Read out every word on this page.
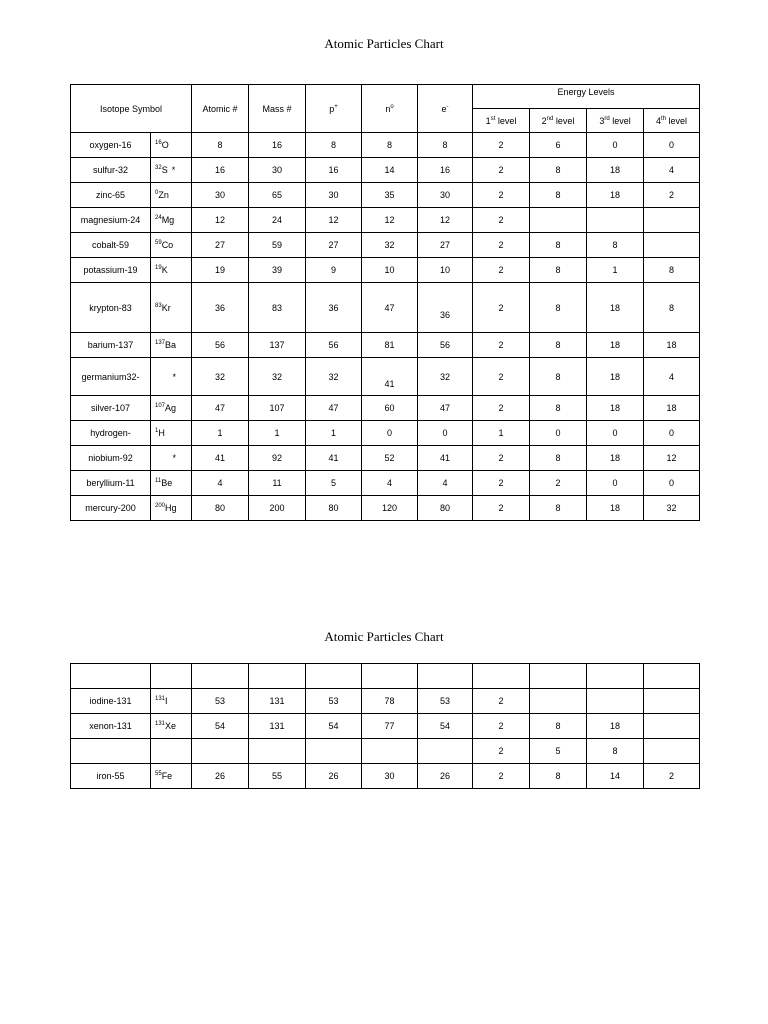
Atomic Particles Chart
Isotope Symbol		Atomic #	Mass #	p+	$n^o$	e-	Energy Levels			
							1st level	2nd level	3rd level	4th level
oxygen-16	$^{16}$O	8	16	8	8	8	2	6	0	0
sulfur-32	$^{32}$S *	16	30	16	14	16	2	8	18	4
zinc-65	$^0$Zn	30	65	30	35	30	2	8	18	2
magnesium-24	$^{24}$Mg	12	24	12	12	12	2			
cobalt-59	$^{59}$Co	27	59	27	32	27	2	8	8	
potassium-19	$^{19}$K	19	39	9	10	10	2	8	1	8
krypton-83	$^{83}$Kr	36	83	36	47	36	2	8	18	8
barium-137	$^{137}$Ba	56	137	56	81	56	2	8	18	18
germanium32-	*	32	32	32	41	32	2	8	18	4
silver-107	$^{107}$Ag	47	107	47	60	47	2	8	18	18
hydrogen-	$^1$H	1	1	1	0	0	1	0	0	0
niobium-92	*	41	92	41	52	41	2	8	18	12
beryllium-11	$^{11}$Be	4	11	5	4	4	2	2	0	0
mercury-200	$^{200}$Hg	80	200	80	120	80	2	8	18	32
Atomic Particles Chart

iodine-131	$^{131}$I	53	131	53	78	53	2			
xenon-131	$^{131}$Xe	54	131	54	77	54	2	8	18	
							2	5	8	
iron-55	$^{55}$Fe	26	55	26	30	26	2	8	14	2
